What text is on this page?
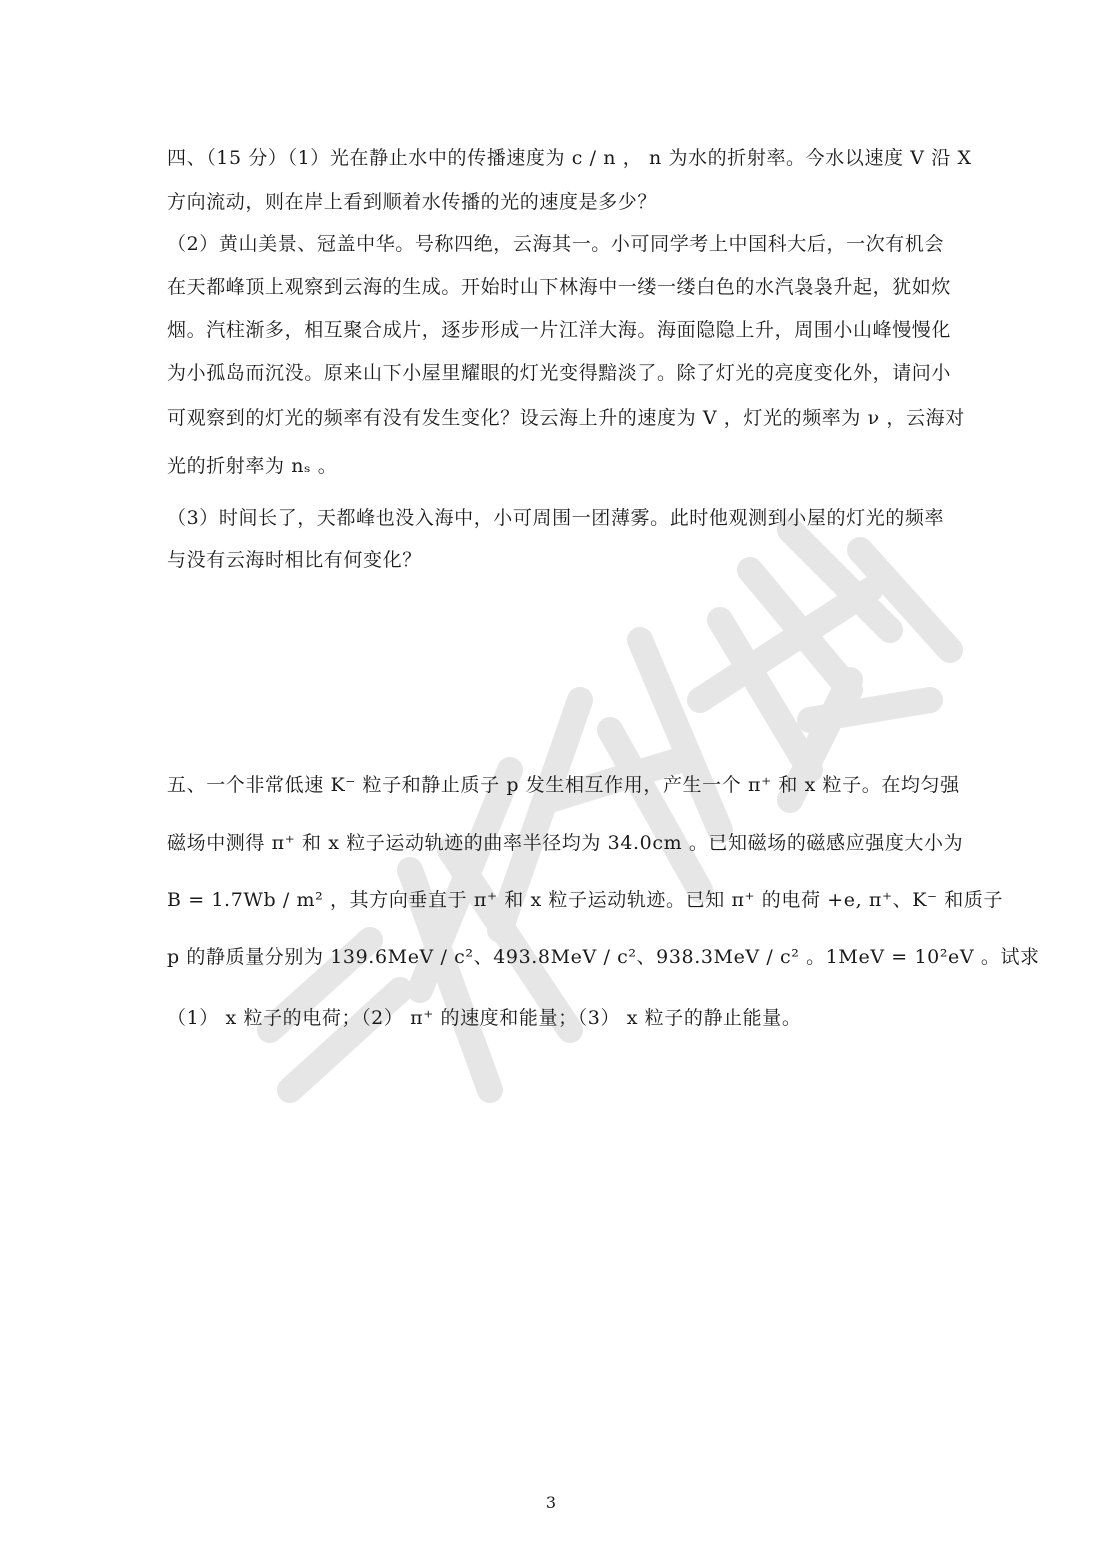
四、（15 分）（1）光在静止水中的传播速度为 c / n ， n 为水的折射率。今水以速度 V 沿 X
方向流动，则在岸上看到顺着水传播的光的速度是多少？
（2）黄山美景、冠盖中华。号称四绝，云海其一。小可同学考上中国科大后，一次有机会
在天都峰顶上观察到云海的生成。开始时山下林海中一缕一缕白色的水汽袅袅升起，犹如炊
烟。汽柱渐多，相互聚合成片，逐步形成一片江洋大海。海面隐隐上升，周围小山峰慢慢化
为小孤岛而沉没。原来山下小屋里耀眼的灯光变得黯淡了。除了灯光的亮度变化外，请问小
可观察到的灯光的频率有没有发生变化？设云海上升的速度为 V ，灯光的频率为 ν ，云海对
光的折射率为 nₛ 。
（3）时间长了，天都峰也没入海中，小可周围一团薄雾。此时他观测到小屋的灯光的频率
与没有云海时相比有何变化？
五、一个非常低速 K⁻ 粒子和静止质子 p 发生相互作用，产生一个 π⁺ 和 x 粒子。在均匀强
磁场中测得 π⁺ 和 x 粒子运动轨迹的曲率半径均为 34.0cm 。已知磁场的磁感应强度大小为
B = 1.7Wb / m² ，其方向垂直于 π⁺ 和 x 粒子运动轨迹。已知 π⁺ 的电荷 +e, π⁺、K⁻ 和质子
p 的静质量分别为 139.6MeV / c²、493.8MeV / c²、938.3MeV / c² 。1MeV = 10²eV 。试求
（1） x 粒子的电荷；（2） π⁺ 的速度和能量；（3） x 粒子的静止能量。
3
